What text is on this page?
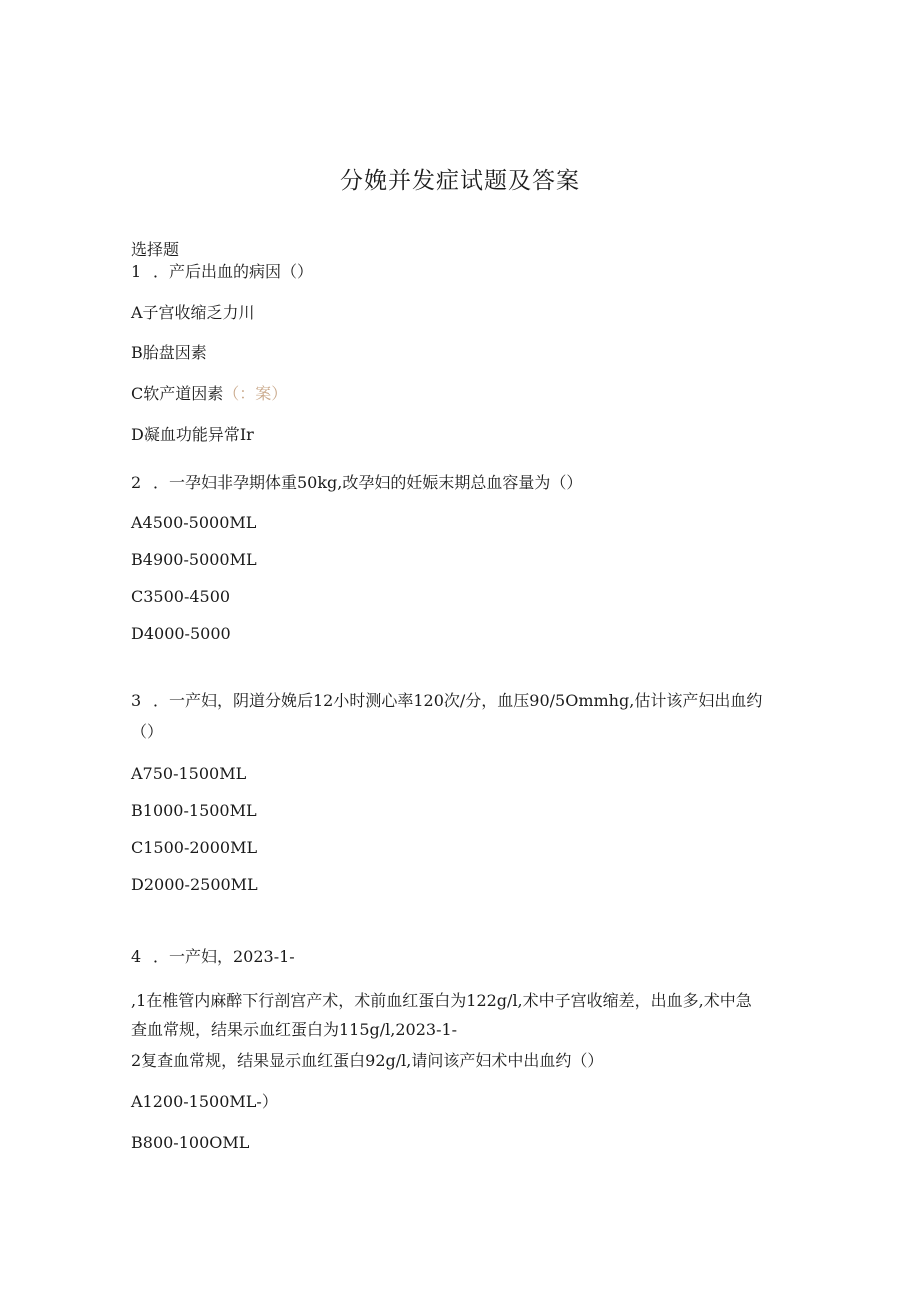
分娩并发症试题及答案
选择题
1 ．产后出血的病因（）
A子宫收缩乏力川
B胎盘因素
C软产道因素（：案）
D凝血功能异常Ir
2 ．一孕妇非孕期体重50kg,改孕妇的妊娠末期总血容量为（）
A4500-5000ML
B4900-5000ML
C3500-4500
D4000-5000
3 ．一产妇，阴道分娩后12小时测心率120次/分，血压90/5Ommhg,估计该产妇出血约
（）
A750-1500ML
B1000-1500ML
C1500-2000ML
D2000-2500ML
4 ．一产妇，2023-1-
,1在椎管内麻醉下行剖宫产术，术前血红蛋白为122g/l,术中子宫收缩差，出血多,术中急
查血常规，结果示血红蛋白为115g/l,2023-1-
2复查血常规，结果显示血红蛋白92g/l,请问该产妇术中出血约（）
A1200-1500ML-）
B800-100OML
